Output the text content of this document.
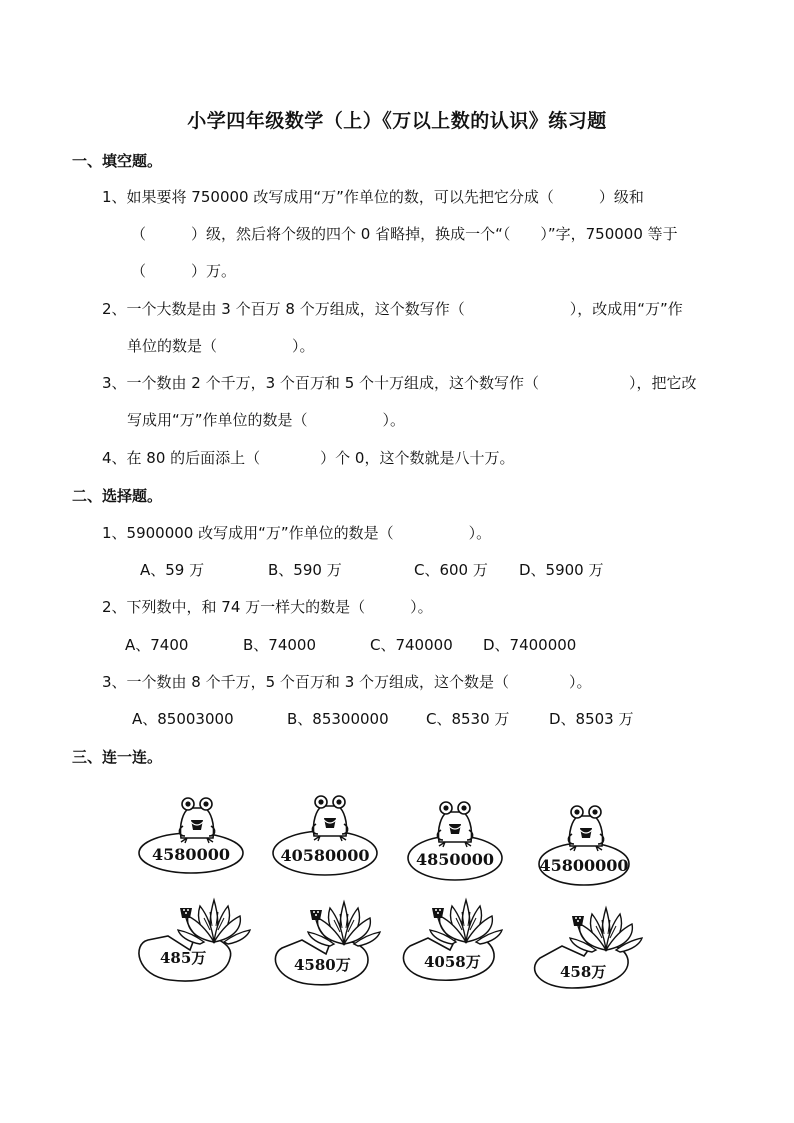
小学四年级数学（上）《万以上数的认识》练习题
一、填空题。
1、如果要将 750000 改写成用“万”作单位的数，可以先把它分成（　　　）级和
（　　　）级，然后将个级的四个 0 省略掉，换成一个“（　　）”字，750000 等于
（　　　）万。
2、一个大数是由 3 个百万 8 个万组成，这个数写作（　　　　　　　），改成用“万”作
单位的数是（　　　　　）。
3、一个数由 2 个千万，3 个百万和 5 个十万组成，这个数写作（　　　　　　），把它改
写成用“万”作单位的数是（　　　　　）。
4、在 80 的后面添上（　　　　）个 0，这个数就是八十万。
二、选择题。
1、5900000 改写成用“万”作单位的数是（　　　　　）。
A、59 万	B、590 万	C、600 万 D、5900 万
2、下列数中，和 74 万一样大的数是（　　　）。
A、7400	B、74000	C、740000 D、7400000
3、一个数由 8 个千万，5 个百万和 3 个万组成，这个数是（　　　　）。
A、85003000	B、85300000 C、8530 万	D、8503 万
三、连一连。
4580000	40580000	4850000	45800000
485万	4580万	4058万
458万
